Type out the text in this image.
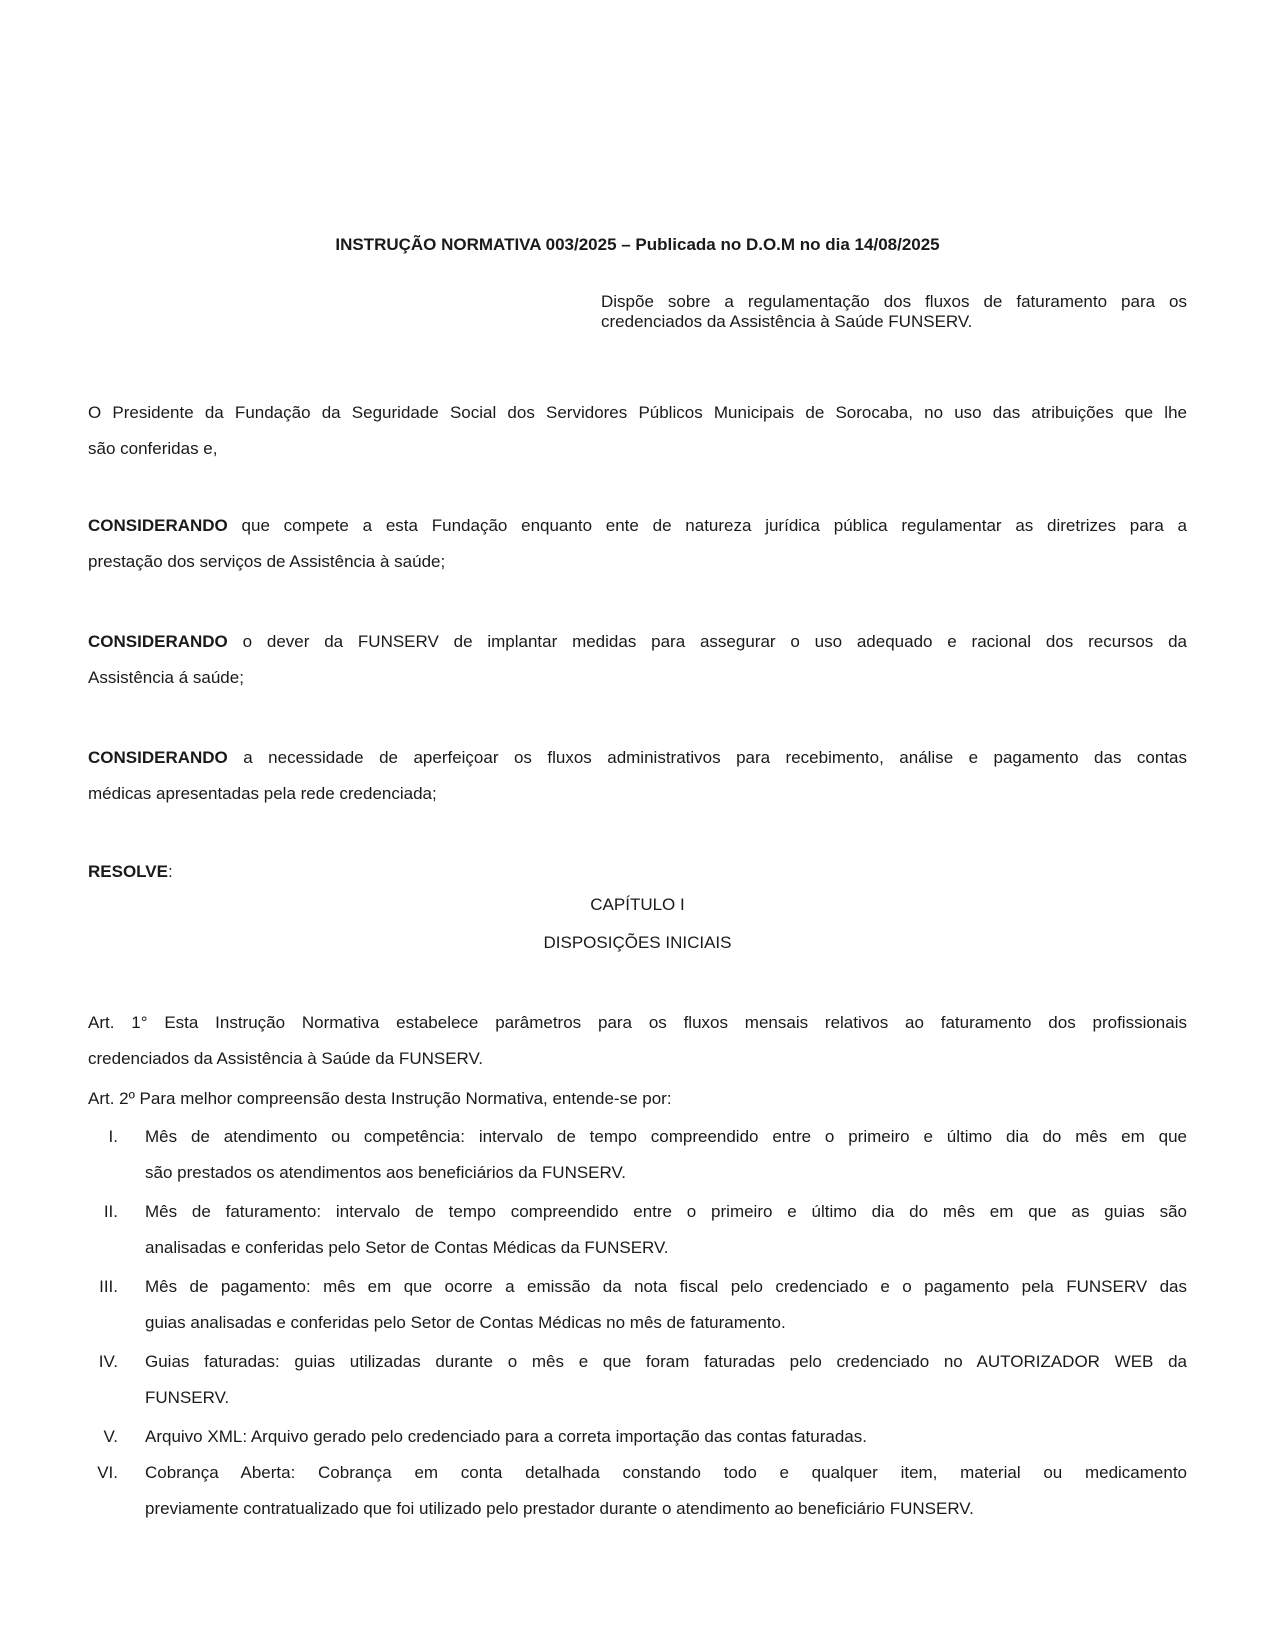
INSTRUÇÃO NORMATIVA 003/2025 – Publicada no D.O.M no dia 14/08/2025
Dispõe sobre a regulamentação dos fluxos de faturamento para os
credenciados da Assistência à Saúde FUNSERV.
O Presidente da Fundação da Seguridade Social dos Servidores Públicos Municipais de Sorocaba, no uso das atribuições que lhe
são conferidas e,
CONSIDERANDO que compete a esta Fundação enquanto ente de natureza jurídica pública regulamentar as diretrizes para a
prestação dos serviços de Assistência à saúde;
CONSIDERANDO o dever da FUNSERV de implantar medidas para assegurar o uso adequado e racional dos recursos da
Assistência á saúde;
CONSIDERANDO a necessidade de aperfeiçoar os fluxos administrativos para recebimento, análise e pagamento das contas
médicas apresentadas pela rede credenciada;
RESOLVE:
CAPÍTULO I
DISPOSIÇÕES INICIAIS
Art. 1° Esta Instrução Normativa estabelece parâmetros para os fluxos mensais relativos ao faturamento dos profissionais
credenciados da Assistência à Saúde da FUNSERV.
Art. 2º Para melhor compreensão desta Instrução Normativa, entende-se por:
I. Mês de atendimento ou competência: intervalo de tempo compreendido entre o primeiro e último dia do mês em que
são prestados os atendimentos aos beneficiários da FUNSERV.
II. Mês de faturamento: intervalo de tempo compreendido entre o primeiro e último dia do mês em que as guias são
analisadas e conferidas pelo Setor de Contas Médicas da FUNSERV.
III. Mês de pagamento: mês em que ocorre a emissão da nota fiscal pelo credenciado e o pagamento pela FUNSERV das
guias analisadas e conferidas pelo Setor de Contas Médicas no mês de faturamento.
IV. Guias faturadas: guias utilizadas durante o mês e que foram faturadas pelo credenciado no AUTORIZADOR WEB da
FUNSERV.
V. Arquivo XML: Arquivo gerado pelo credenciado para a correta importação das contas faturadas.
VI. Cobrança Aberta: Cobrança em conta detalhada constando todo e qualquer item, material ou medicamento
previamente contratualizado que foi utilizado pelo prestador durante o atendimento ao beneficiário FUNSERV.
